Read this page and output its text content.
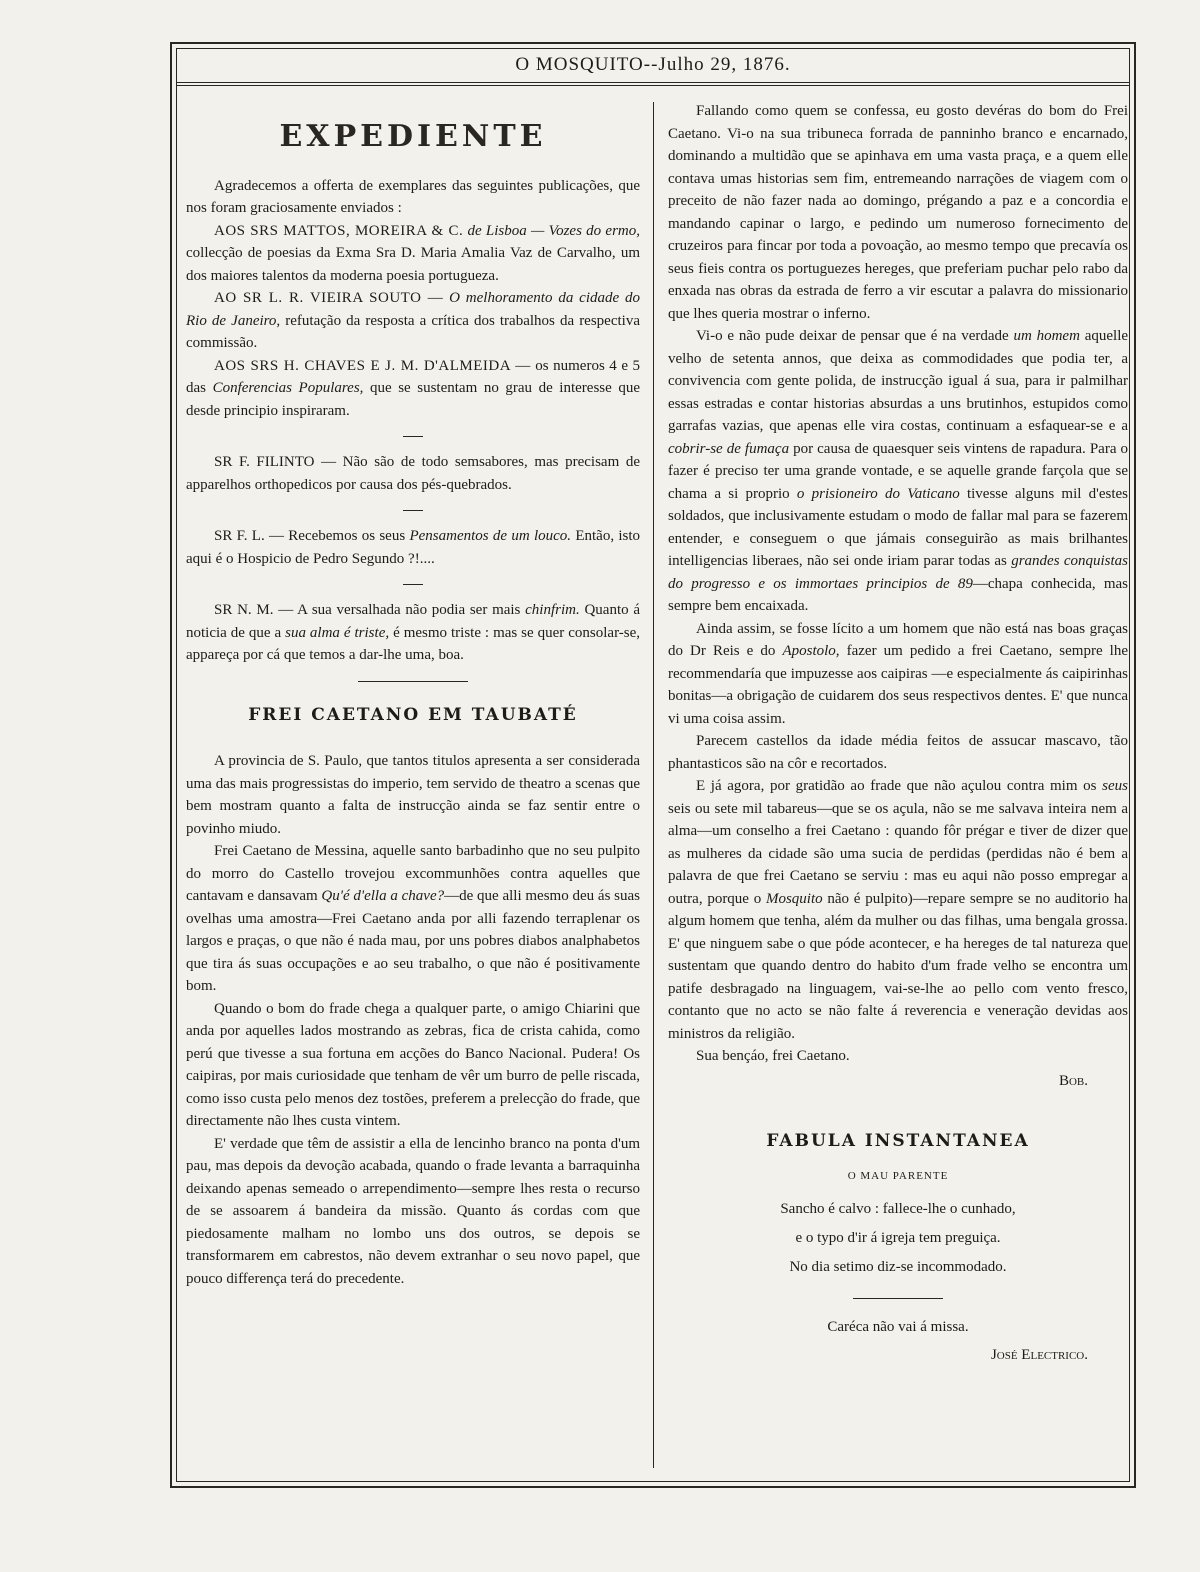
O MOSQUITO--Julho 29, 1876.
EXPEDIENTE

Agradecemos a offerta de exemplares das seguintes publicações, que nos foram graciosamente enviados :

AOS SRS MATTOS, MOREIRA & C. de Lisboa — Vozes do ermo, collecção de poesias da Exma Sra D. Maria Amalia Vaz de Carvalho, um dos maiores talentos da moderna poesia portugueza.

AO SR L. R. VIEIRA SOUTO — O melhoramento da cidade do Rio de Janeiro, refutação da resposta a crítica dos trabalhos da respectiva commissão.

AOS SRS H. CHAVES E J. M. D'ALMEIDA — os numeros 4 e 5 das Conferencias Populares, que se sustentam no grau de interesse que desde principio inspiraram.

SR F. FILINTO — Não são de todo semsabores, mas precisam de apparelhos orthopedicos por causa dos pés-quebrados.

SR F. L. — Recebemos os seus Pensamentos de um louco. Então, isto aqui é o Hospicio de Pedro Segundo ?!....

SR N. M. — A sua versalhada não podia ser mais chinfrim. Quanto á noticia de que a sua alma é triste, é mesmo triste : mas se quer consolar-se, appareça por cá que temos a dar-lhe uma, boa.

FREI CAETANO EM TAUBATÉ

A provincia de S. Paulo, que tantos titulos apresenta a ser considerada uma das mais progressistas do imperio, tem servido de theatro a scenas que bem mostram quanto a falta de instrucção ainda se faz sentir entre o povinho miudo.

Frei Caetano de Messina, aquelle santo barbadinho que no seu pulpito do morro do Castello trovejou excommunhões contra aquelles que cantavam e dansavam Qu'é d'ella a chave?—de que alli mesmo deu ás suas ovelhas uma amostra—Frei Caetano anda por alli fazendo terraplenar os largos e praças, o que não é nada mau, por uns pobres diabos analphabetos que tira ás suas occupações e ao seu trabalho, o que não é positivamente bom.

Quando o bom do frade chega a qualquer parte, o amigo Chiarini que anda por aquelles lados mostrando as zebras, fica de crista cahida, como perú que tivesse a sua fortuna em acções do Banco Nacional. Pudera! Os caipiras, por mais curiosidade que tenham de vêr um burro de pelle riscada, como isso custa pelo menos dez tostões, preferem a prelecção do frade, que directamente não lhes custa vintem.

E' verdade que têm de assistir a ella de lencinho branco na ponta d'um pau, mas depois da devoção acabada, quando o frade levanta a barraquinha deixando apenas semeado o arrependimento—sempre lhes resta o recurso de se assoarem á bandeira da missão. Quanto ás cordas com que piedosamente malham no lombo uns dos outros, se depois se transformarem em cabrestos, não devem extranhar o seu novo papel, que pouco differença terá do precedente.

Fallando como quem se confessa, eu gosto devéras do bom do Frei Caetano. Vi-o na sua tribuneca forrada de panninho branco e encarnado, dominando a multidão que se apinhava em uma vasta praça, e a quem elle contava umas historias sem fim, entremeando narrações de viagem com o preceito de não fazer nada ao domingo, prégando a paz e a concordia e mandando capinar o largo, e pedindo um numeroso fornecimento de cruzeiros para fincar por toda a povoação, ao mesmo tempo que precavía os seus fieis contra os portuguezes hereges, que preferiam puchar pelo rabo da enxada nas obras da estrada de ferro a vir escutar a palavra do missionario que lhes queria mostrar o inferno.

Vi-o e não pude deixar de pensar que é na verdade um homem aquelle velho de setenta annos, que deixa as commodidades que podia ter, a convivencia com gente polida, de instrucção igual á sua, para ir palmilhar essas estradas e contar historias absurdas a uns brutinhos, estupidos como garrafas vazias, que apenas elle vira costas, continuam a esfaquear-se e a cobrir-se de fumaça por causa de quaesquer seis vintens de rapadura. Para o fazer é preciso ter uma grande vontade, e se aquelle grande farçola que se chama a si proprio o prisioneiro do Vaticano tivesse alguns mil d'estes soldados, que inclusivamente estudam o modo de fallar mal para se fazerem entender, e conseguem o que jámais conseguirão as mais brilhantes intelligencias liberaes, não sei onde iriam parar todas as grandes conquistas do progresso e os immortaes principios de 89—chapa conhecida, mas sempre bem encaixada.

Ainda assim, se fosse lícito a um homem que não está nas boas graças do Dr Reis e do Apostolo, fazer um pedido a frei Caetano, sempre lhe recommendaría que impuzesse aos caipiras —e especialmente ás caipirinhas bonitas—a obrigação de cuidarem dos seus respectivos dentes. E' que nunca vi uma coisa assim.

Parecem castellos da idade média feitos de assucar mascavo, tão phantasticos são na côr e recortados.

E já agora, por gratidão ao frade que não açulou contra mim os seus seis ou sete mil tabareus—que se os açula, não se me salvava inteira nem a alma—um conselho a frei Caetano : quando fôr prégar e tiver de dizer que as mulheres da cidade são uma sucia de perdidas (perdidas não é bem a palavra de que frei Caetano se serviu : mas eu aqui não posso empregar a outra, porque o Mosquito não é pulpito)—repare sempre se no auditorio ha algum homem que tenha, além da mulher ou das filhas, uma bengala grossa. E' que ninguem sabe o que póde acontecer, e ha hereges de tal natureza que sustentam que quando dentro do habito d'um frade velho se encontra um patife desbragado na linguagem, vai-se-lhe ao pello com vento fresco, contanto que no acto se não falte á reverencia e veneração devidas aos ministros da religião.

Sua bençáo, frei Caetano.

Bob.
FABULA INSTANTANEA
O MAU PARENTE
Sancho é calvo : fallece-lhe o cunhado,
e o typo d'ir á igreja tem preguiça.
No dia setimo diz-se incommodado.
Caréca não vai á missa.
José Electrico.
